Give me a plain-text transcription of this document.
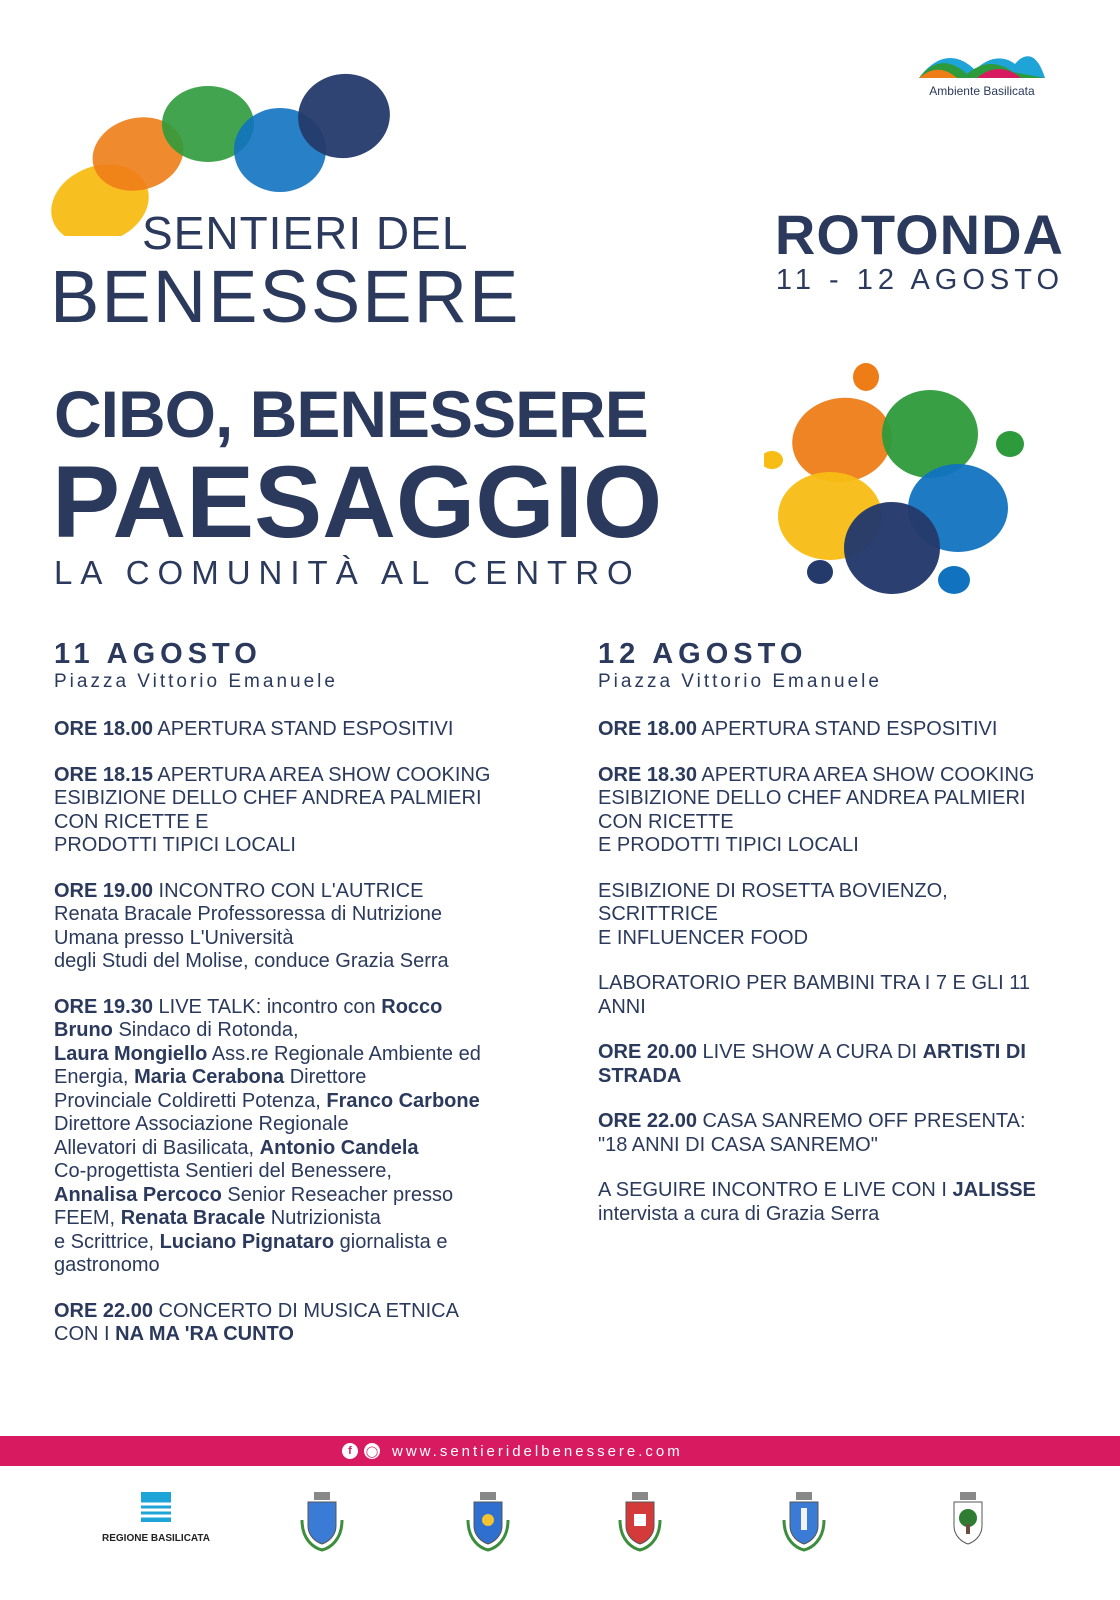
SENTIERI DEL
BENESSERE
Ambiente Basilicata
ROTONDA
11 - 12 AGOSTO
CIBO, BENESSERE
PAESAGGIO
LA COMUNITÀ AL CENTRO
11 AGOSTO
Piazza Vittorio Emanuele
ORE 18.00 APERTURA STAND ESPOSITIVI
ORE 18.15 APERTURA AREA SHOW COOKING
ESIBIZIONE DELLO CHEF ANDREA PALMIERI
CON RICETTE E
PRODOTTI TIPICI LOCALI
ORE 19.00 INCONTRO CON L'AUTRICE
Renata Bracale Professoressa di Nutrizione
Umana presso L'Università
degli Studi del Molise, conduce Grazia Serra
ORE 19.30 LIVE TALK: incontro con Rocco
Bruno Sindaco di Rotonda,
Laura Mongiello Ass.re Regionale Ambiente ed
Energia, Maria Cerabona Direttore
Provinciale Coldiretti Potenza, Franco Carbone
Direttore Associazione Regionale
Allevatori di Basilicata, Antonio Candela
Co-progettista Sentieri del Benessere,
Annalisa Percoco Senior Reseacher presso
FEEM, Renata Bracale Nutrizionista
e Scrittrice, Luciano Pignataro giornalista e
gastronomo
ORE 22.00 CONCERTO DI MUSICA ETNICA
CON I NA MA 'RA CUNTO
12 AGOSTO
Piazza Vittorio Emanuele
ORE 18.00 APERTURA STAND ESPOSITIVI
ORE 18.30 APERTURA AREA SHOW COOKING
ESIBIZIONE DELLO CHEF ANDREA PALMIERI
CON RICETTE
E PRODOTTI TIPICI LOCALI
ESIBIZIONE DI ROSETTA BOVIENZO,
SCRITTRICE
E INFLUENCER FOOD
LABORATORIO PER BAMBINI TRA I 7 E GLI 11
ANNI
ORE 20.00 LIVE SHOW A CURA DI ARTISTI DI
STRADA
ORE 22.00 CASA SANREMO OFF PRESENTA:
"18 ANNI DI CASA SANREMO"
A SEGUIRE INCONTRO E LIVE CON I JALISSE
intervista a cura di Grazia Serra
f	◯ www.sentieridelbenessere.com
REGIONE BASILICATA
